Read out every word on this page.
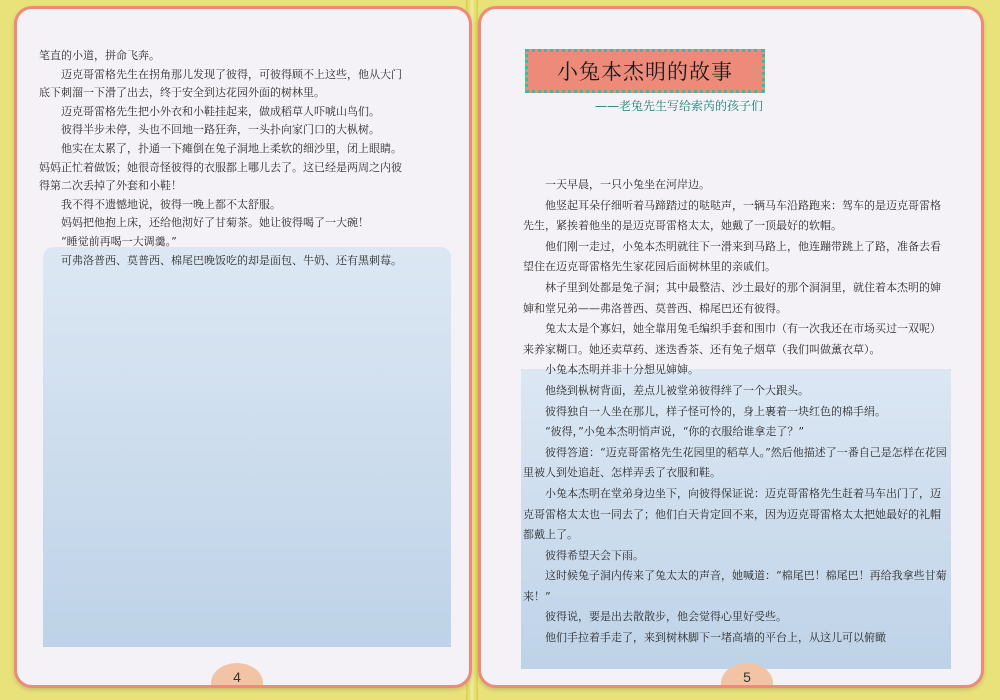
笔直的小道，拼命飞奔。

迈克哥雷格先生在拐角那儿发现了彼得，可彼得顾不上这些，他从大门

底下刺溜一下滑了出去，终于安全到达花园外面的树林里。

迈克哥雷格先生把小外衣和小鞋挂起来，做成稻草人吓唬山鸟们。

彼得半步未停，头也不回地一路狂奔，一头扑向家门口的大枞树。

他实在太累了，扑通一下瘫倒在兔子洞地上柔软的细沙里，闭上眼睛。

妈妈正忙着做饭；她很奇怪彼得的衣服都上哪儿去了。这已经是两周之内彼

得第二次丢掉了外套和小鞋！

我不得不遗憾地说，彼得一晚上都不太舒服。

妈妈把他抱上床，还给他沏好了甘菊茶。她让彼得喝了一大碗！

“睡觉前再喝一大调羹。”

可弗洛普西、莫普西、棉尾巴晚饭吃的却是面包、牛奶、还有黑刺莓。

4
小兔本杰明的故事
——老兔先生写给索芮的孩子们

一天早晨，一只小兔坐在河岸边。

他竖起耳朵仔细听着马蹄踏过的哒哒声，一辆马车沿路跑来：驾车的是迈克哥雷格先生，紧挨着他坐的是迈克哥雷格太太，她戴了一顶最好的软帽。

他们刚一走过，小兔本杰明就往下一滑来到马路上，他连蹦带跳上了路，准备去看望住在迈克哥雷格先生家花园后面树林里的亲戚们。

林子里到处都是兔子洞；其中最整洁、沙土最好的那个洞洞里，就住着本杰明的婶婶和堂兄弟——弗洛普西、莫普西、棉尾巴还有彼得。

兔太太是个寡妇，她全靠用兔毛编织手套和围巾（有一次我还在市场买过一双呢）来养家糊口。她还卖草药、迷迭香茶、还有兔子烟草（我们叫做薰衣草）。

小兔本杰明并非十分想见婶婶。

他绕到枞树背面，差点儿被堂弟彼得绊了一个大跟头。

彼得独自一人坐在那儿，样子怪可怜的，身上裹着一块红色的棉手绢。

“彼得，”小兔本杰明悄声说，“你的衣服给谁拿走了？”

彼得答道：“迈克哥雷格先生花园里的稻草人。”然后他描述了一番自己是怎样在花园里被人到处追赶、怎样弄丢了衣服和鞋。

小兔本杰明在堂弟身边坐下，向彼得保证说：迈克哥雷格先生赶着马车出门了，迈克哥雷格太太也一同去了；他们白天肯定回不来，因为迈克哥雷格太太把她最好的礼帽都戴上了。

彼得希望天会下雨。

这时候兔子洞内传来了兔太太的声音，她喊道：“棉尾巴！棉尾巴！再给我拿些甘菊来！”

彼得说，要是出去散散步，他会觉得心里好受些。

他们手拉着手走了，来到树林脚下一堵高墙的平台上，从这儿可以俯瞰

5
